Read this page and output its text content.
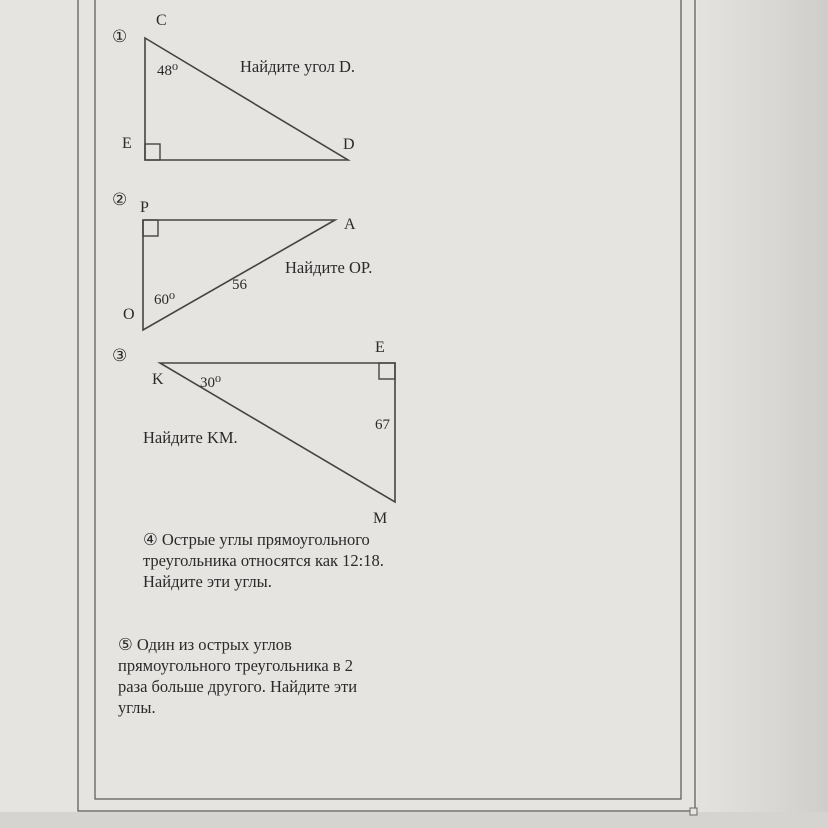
①
C
E	D
48⁰	Найдите угол D.
② P
A
O
60⁰
56
Найдите OP.
③	E
K
M
30⁰
67
Найдите KM.
④ Острые углы прямоугольного
треугольника относятся как 12:18.
Найдите эти углы.
⑤ Один из острых углов
прямоугольного треугольника в 2
раза больше другого. Найдите эти
углы.
